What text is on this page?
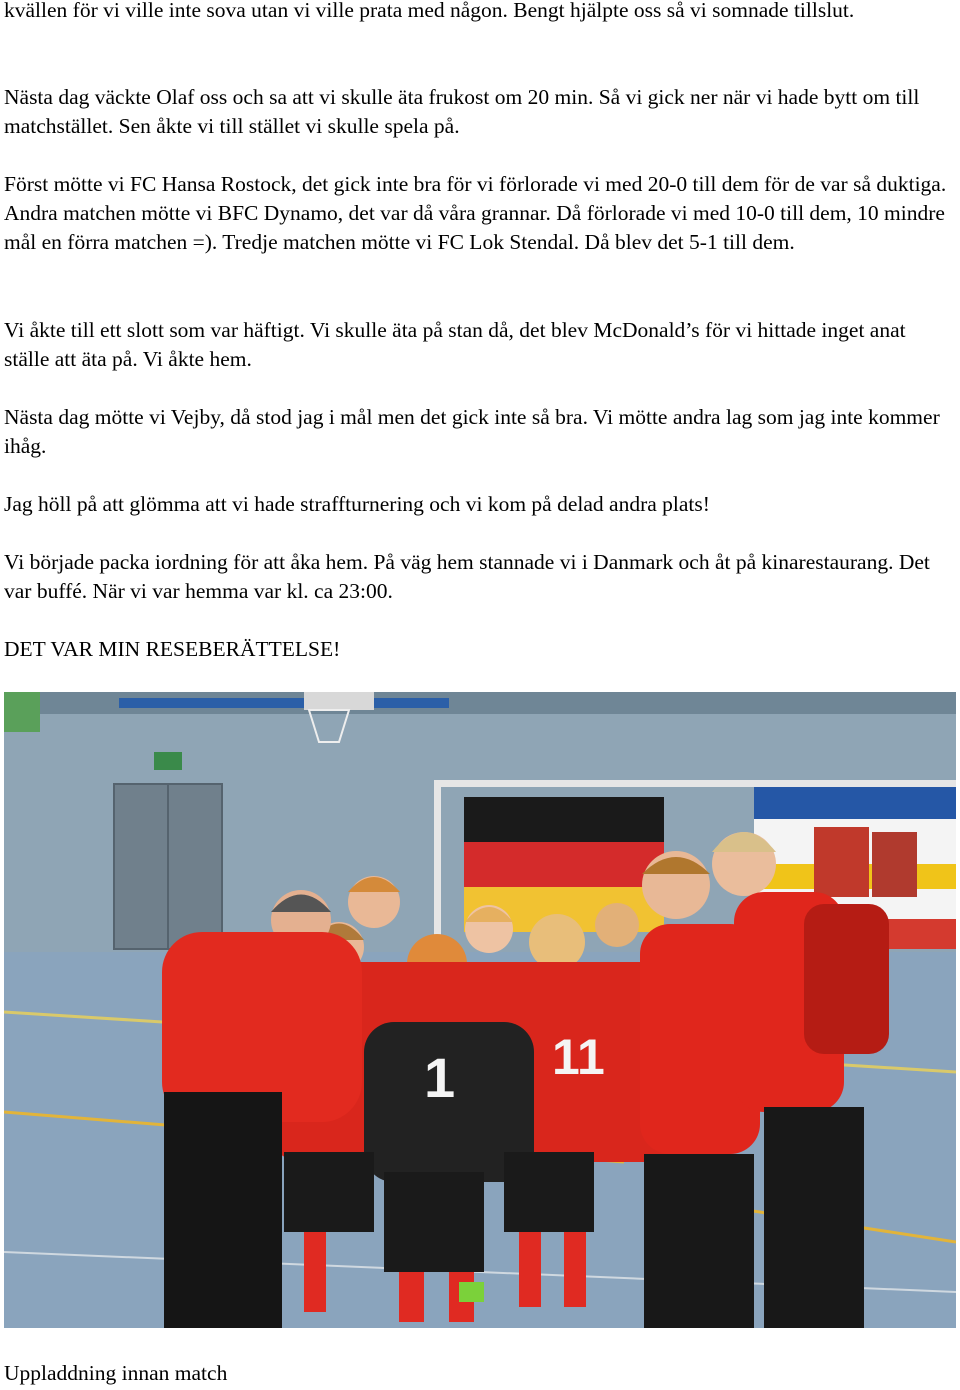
kvällen för vi ville inte sova utan vi ville prata med någon. Bengt hjälpte oss så vi somnade tillslut.

Nästa dag väckte Olaf oss och sa att vi skulle äta frukost om 20 min. Så vi gick ner när vi hade bytt om till matchstället. Sen åkte vi till stället vi skulle spela på.

Först mötte vi FC Hansa Rostock, det gick inte bra för vi förlorade vi med 20-0 till dem för de var så duktiga. Andra matchen mötte vi BFC Dynamo, det var då våra grannar. Då förlorade vi med 10-0 till dem, 10 mindre mål en förra matchen =). Tredje matchen mötte vi FC Lok Stendal. Då blev det 5-1 till dem.

Vi åkte till ett slott som var häftigt. Vi skulle äta på stan då, det blev McDonald’s för vi hittade inget anat ställe att äta på. Vi åkte hem.

Nästa dag mötte vi Vejby, då stod jag i mål men det gick inte så bra. Vi mötte andra lag som jag inte kommer ihåg.

Jag höll på att glömma att vi hade straffturnering och vi kom på delad andra plats!

Vi började packa iordning för att åka hem. På väg hem stannade vi i Danmark och åt på kinarestaurang. Det var buffé. När vi var hemma var kl. ca 23:00.

DET VAR MIN RESEBERÄTTELSE!

1 11
Uppladdning innan match
